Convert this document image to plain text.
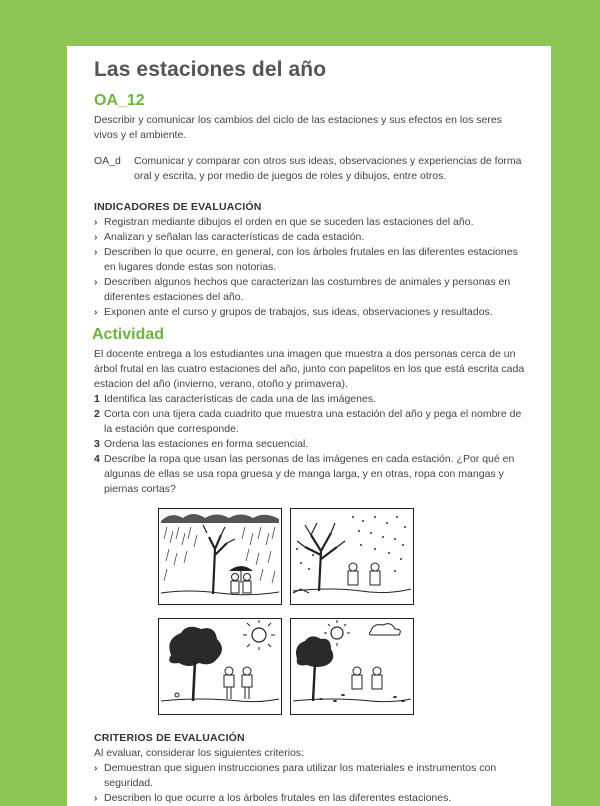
Las estaciones del año
OA_12

Describir y comunicar los cambios del ciclo de las estaciones y sus efectos en los seres vivos y el ambiente.

OA_d	Comunicar y comparar con otros sus ideas, observaciones y experiencias de forma oral y escrita, y por medio de juegos de roles y dibujos, entre otros.
INDICADORES DE EVALUACIÓN
› Registran mediante dibujos el orden en que se suceden las estaciones del año.
› Analizan y señalan las características de cada estación.
› Describen lo que ocurre, en general, con los árboles frutales en las diferentes estaciones en lugares donde estas son notorias.
› Describen algunos hechos que caracterizan las costumbres de animales y personas en diferentes estaciones del año.
› Exponen ante el curso y grupos de trabajos, sus ideas, observaciones y resultados.
Actividad

El docente entrega a los estudiantes una imagen que muestra a dos personas cerca de un árbol frutal en las cuatro estaciones del año, junto con papelitos en los que está escrita cada estacion del año (invierno, verano, otoño y primavera).

1 Identifica las características de cada una de las imágenes.
2 Corta con una tijera cada cuadrito que muestra una estación del año y pega el nombre de la estación que corresponde.
3 Ordena las estaciones en forma secuencial.
4 Describe la ropa que usan las personas de las imágenes en cada estación. ¿Por qué en algunas de ellas se usa ropa gruesa y de manga larga, y en otras, ropa con mangas y piernas cortas?
CRITERIOS DE EVALUACIÓN

Al evaluar, considerar los siguientes criterios:

› Demuestran que siguen instrucciones para utilizar los materiales e instrumentos con seguridad.
› Describen lo que ocurre a los árboles frutales en las diferentes estaciones.
